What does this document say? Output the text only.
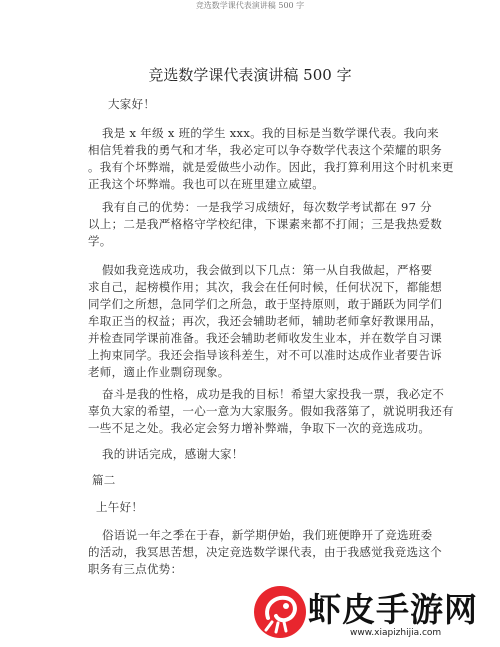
竞选数学课代表演讲稿 500 字
竞选数学课代表演讲稿 500 字
大家好！
我是 x 年级 x 班的学生 xxx。我的目标是当数学课代表。我向来
相信凭着我的勇气和才华，我必定可以争夺数学代表这个荣耀的职务
。我有个坏弊端，就是爱做些小动作。因此，我打算利用这个时机来更
正我这个坏弊端。我也可以在班里建立威望。
我有自己的优势：一是我学习成绩好，每次数学考试都在 97 分
以上；二是我严格格守学校纪律，下课素来都不打闹；三是我热爱数
学。
假如我竞选成功，我会做到以下几点：第一从自我做起，严格要
求自己，起榜模作用；其次，我会在任何时候，任何状况下，都能想
同学们之所想，急同学们之所急，敢于坚持原则，敢于踊跃为同学们
牟取正当的权益；再次，我还会辅助老师，辅助老师拿好教课用品，
并检查同学课前准备。我还会辅助老师收发生业本，并在数学自习课
上拘束同学。我还会指导该科差生，对不可以准时达成作业者要告诉
老师，適止作业剽窃现象。
奋斗是我的性格，成功是我的目标！希望大家投我一票，我必定不
辜负大家的希望，一心一意为大家服务。假如我落第了，就说明我还有
一些不足之处。我必定会努力增补弊端，争取下一次的竞选成功。
我的讲话完成，感谢大家！
篇二
上午好！
俗语说一年之季在于春，新学期伊始，我们班便睁开了竞选班委
的活动，我冥思苦想，决定竞选数学课代表，由于我感觉我竞选这个
职务有三点优势：
虾皮手游网
www.xiapizhijia.com
